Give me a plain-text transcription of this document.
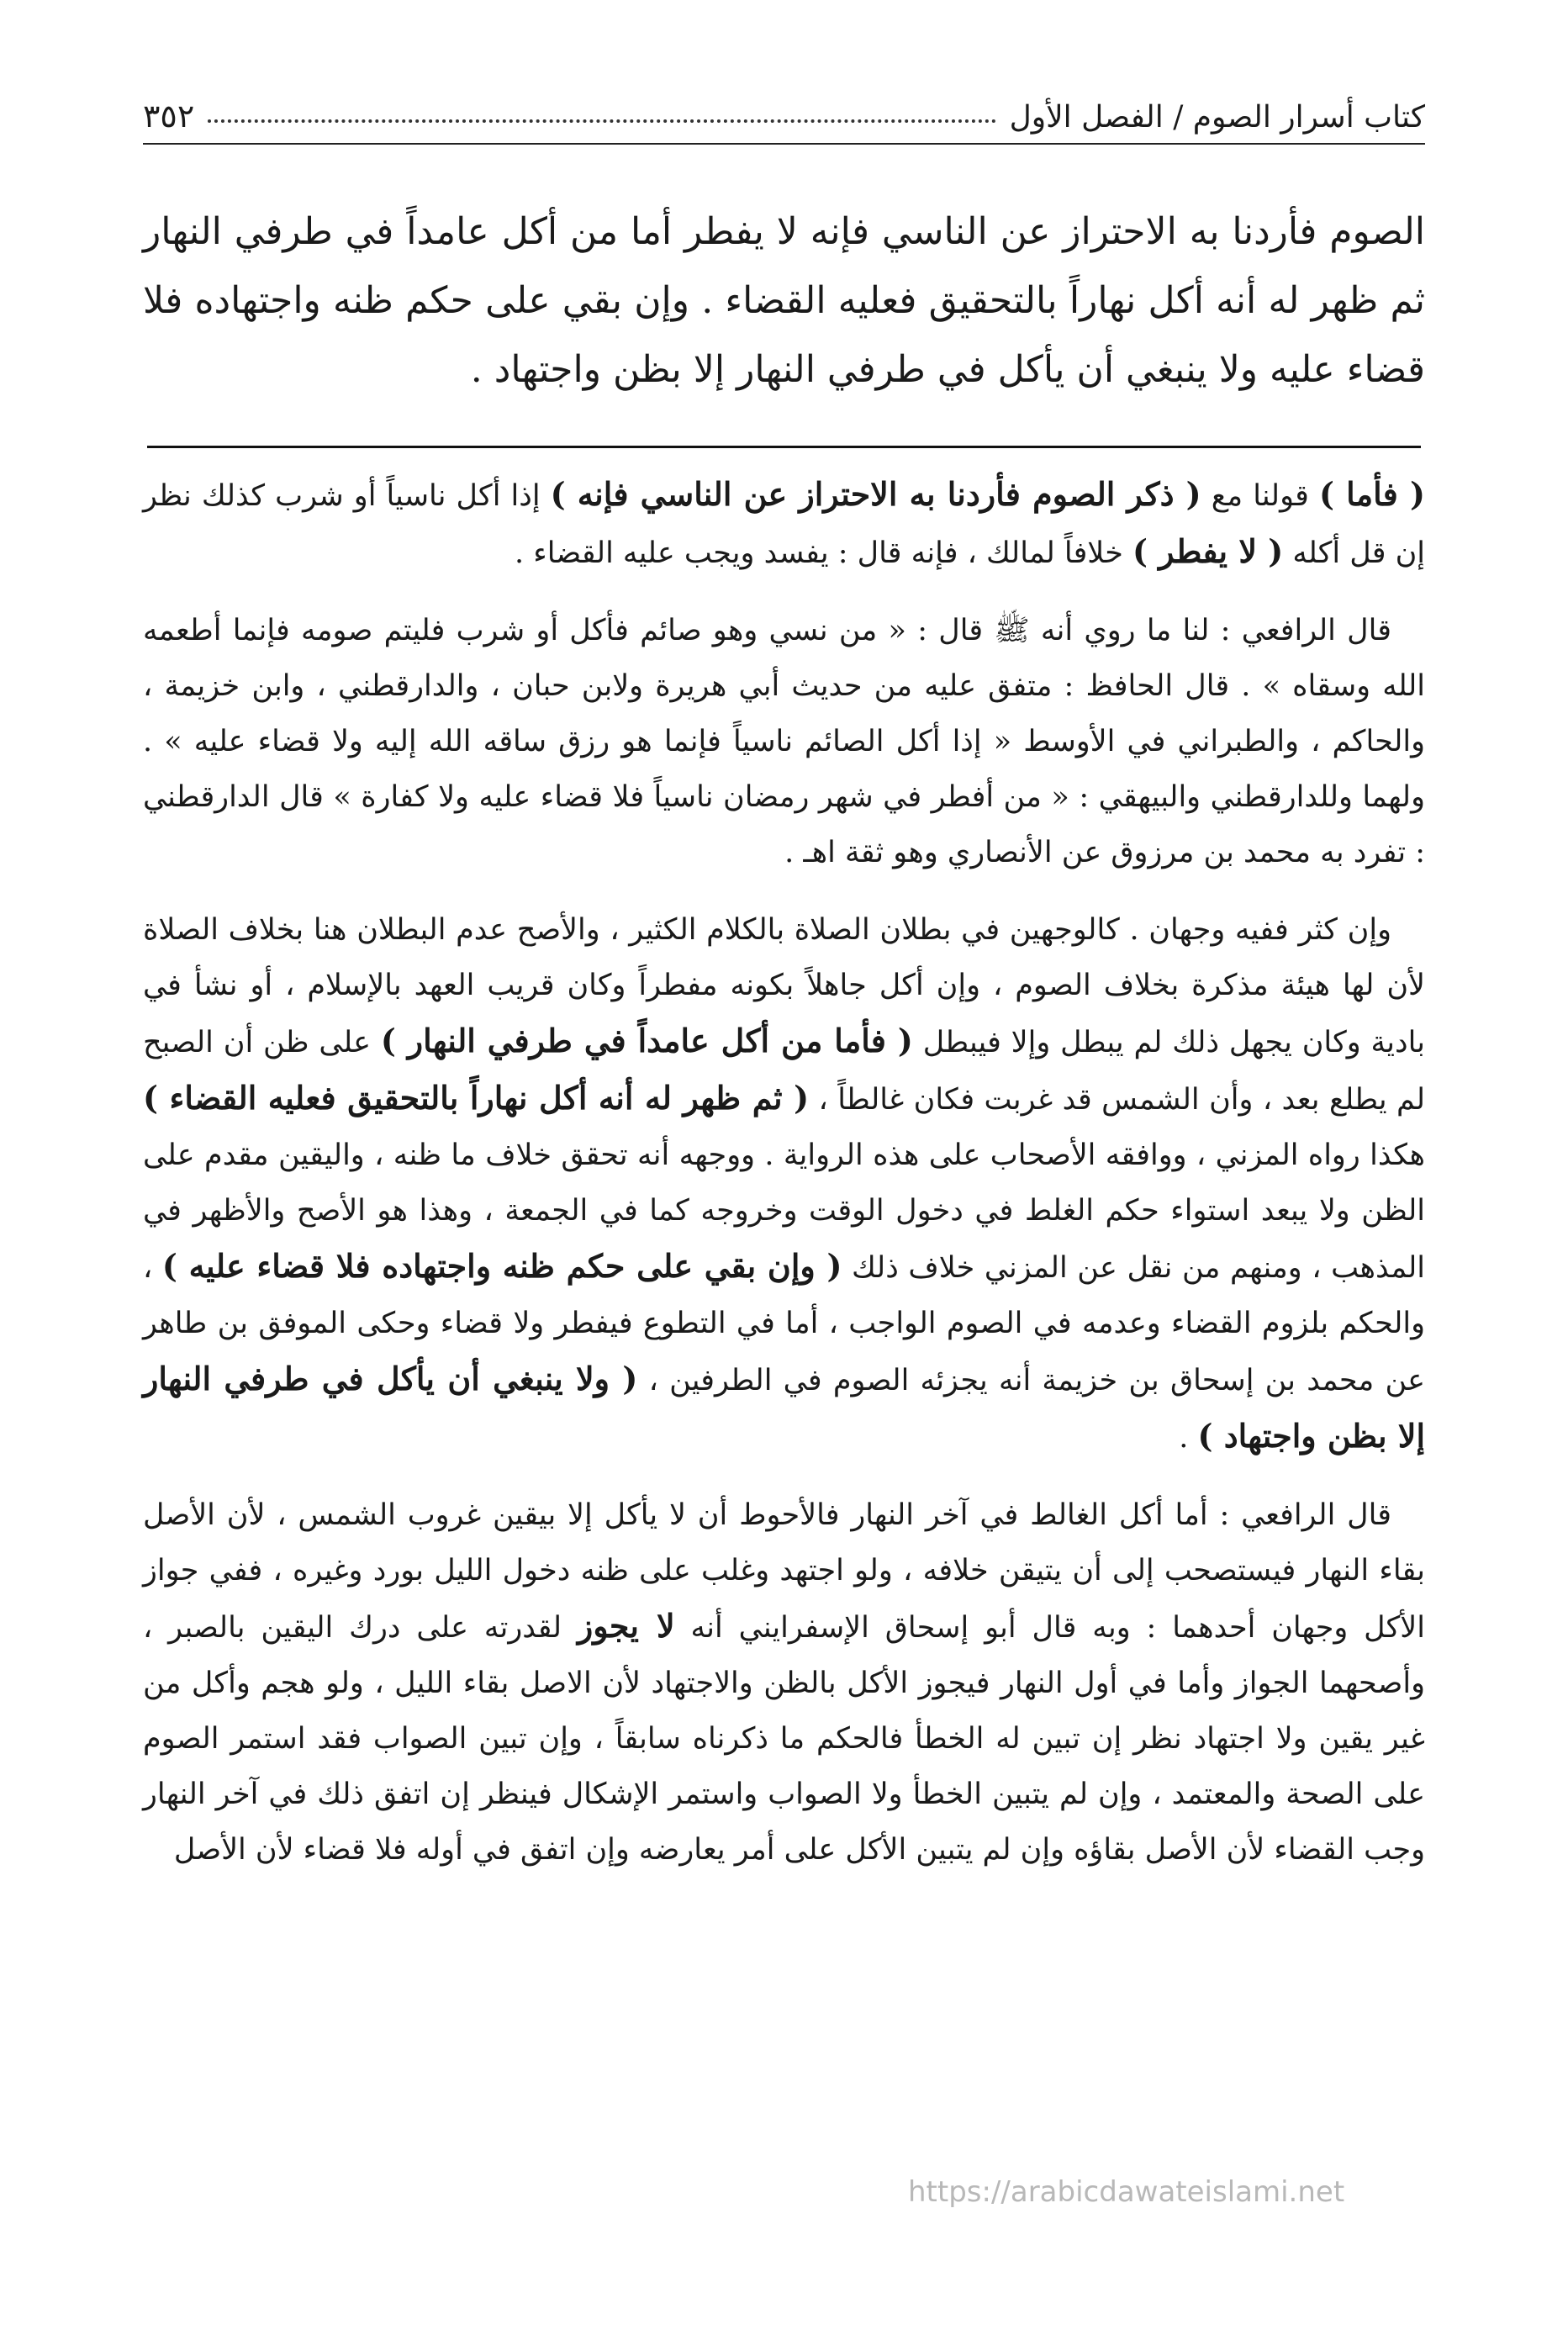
كتاب أسرار الصوم / الفصل الأول
٣٥٢

الصوم فأردنا به الاحتراز عن الناسي فإنه لا يفطر أما من أكل عامداً في طرفي النهار ثم ظهر له أنه أكل نهاراً بالتحقيق فعليه القضاء . وإن بقي على حكم ظنه واجتهاده فلا قضاء عليه ولا ينبغي أن يأكل في طرفي النهار إلا بظن واجتهاد .

( فأما ) قولنا مع ( ذكر الصوم فأردنا به الاحتراز عن الناسي فإنه ) إذا أكل ناسياً أو شرب كذلك نظر إن قل أكله ( لا يفطر ) خلافاً لمالك ، فإنه قال : يفسد ويجب عليه القضاء .

قال الرافعي : لنا ما روي أنه ﷺ قال : « من نسي وهو صائم فأكل أو شرب فليتم صومه فإنما أطعمه الله وسقاه » . قال الحافظ : متفق عليه من حديث أبي هريرة ولابن حبان ، والدارقطني ، وابن خزيمة ، والحاكم ، والطبراني في الأوسط « إذا أكل الصائم ناسياً فإنما هو رزق ساقه الله إليه ولا قضاء عليه » . ولهما وللدارقطني والبيهقي : « من أفطر في شهر رمضان ناسياً فلا قضاء عليه ولا كفارة » قال الدارقطني : تفرد به محمد بن مرزوق عن الأنصاري وهو ثقة اهـ .

وإن كثر ففيه وجهان . كالوجهين في بطلان الصلاة بالكلام الكثير ، والأصح عدم البطلان هنا بخلاف الصلاة لأن لها هيئة مذكرة بخلاف الصوم ، وإن أكل جاهلاً بكونه مفطراً وكان قريب العهد بالإسلام ، أو نشأ في بادية وكان يجهل ذلك لم يبطل وإلا فيبطل ( فأما من أكل عامداً في طرفي النهار ) على ظن أن الصبح لم يطلع بعد ، وأن الشمس قد غربت فكان غالطاً ، ( ثم ظهر له أنه أكل نهاراً بالتحقيق فعليه القضاء ) هكذا رواه المزني ، ووافقه الأصحاب على هذه الرواية . ووجهه أنه تحقق خلاف ما ظنه ، واليقين مقدم على الظن ولا يبعد استواء حكم الغلط في دخول الوقت وخروجه كما في الجمعة ، وهذا هو الأصح والأظهر في المذهب ، ومنهم من نقل عن المزني خلاف ذلك ( وإن بقي على حكم ظنه واجتهاده فلا قضاء عليه ) ، والحكم بلزوم القضاء وعدمه في الصوم الواجب ، أما في التطوع فيفطر ولا قضاء وحكى الموفق بن طاهر عن محمد بن إسحاق بن خزيمة أنه يجزئه الصوم في الطرفين ، ( ولا ينبغي أن يأكل في طرفي النهار إلا بظن واجتهاد ) .

قال الرافعي : أما أكل الغالط في آخر النهار فالأحوط أن لا يأكل إلا بيقين غروب الشمس ، لأن الأصل بقاء النهار فيستصحب إلى أن يتيقن خلافه ، ولو اجتهد وغلب على ظنه دخول الليل بورد وغيره ، ففي جواز الأكل وجهان أحدهما : وبه قال أبو إسحاق الإسفرايني أنه لا يجوز لقدرته على درك اليقين بالصبر ، وأصحهما الجواز وأما في أول النهار فيجوز الأكل بالظن والاجتهاد لأن الاصل بقاء الليل ، ولو هجم وأكل من غير يقين ولا اجتهاد نظر إن تبين له الخطأ فالحكم ما ذكرناه سابقاً ، وإن تبين الصواب فقد استمر الصوم على الصحة والمعتمد ، وإن لم يتبين الخطأ ولا الصواب واستمر الإشكال فينظر إن اتفق ذلك في آخر النهار وجب القضاء لأن الأصل بقاؤه وإن لم يتبين الأكل على أمر يعارضه وإن اتفق في أوله فلا قضاء لأن الأصل

https://arabicdawateislami.net
